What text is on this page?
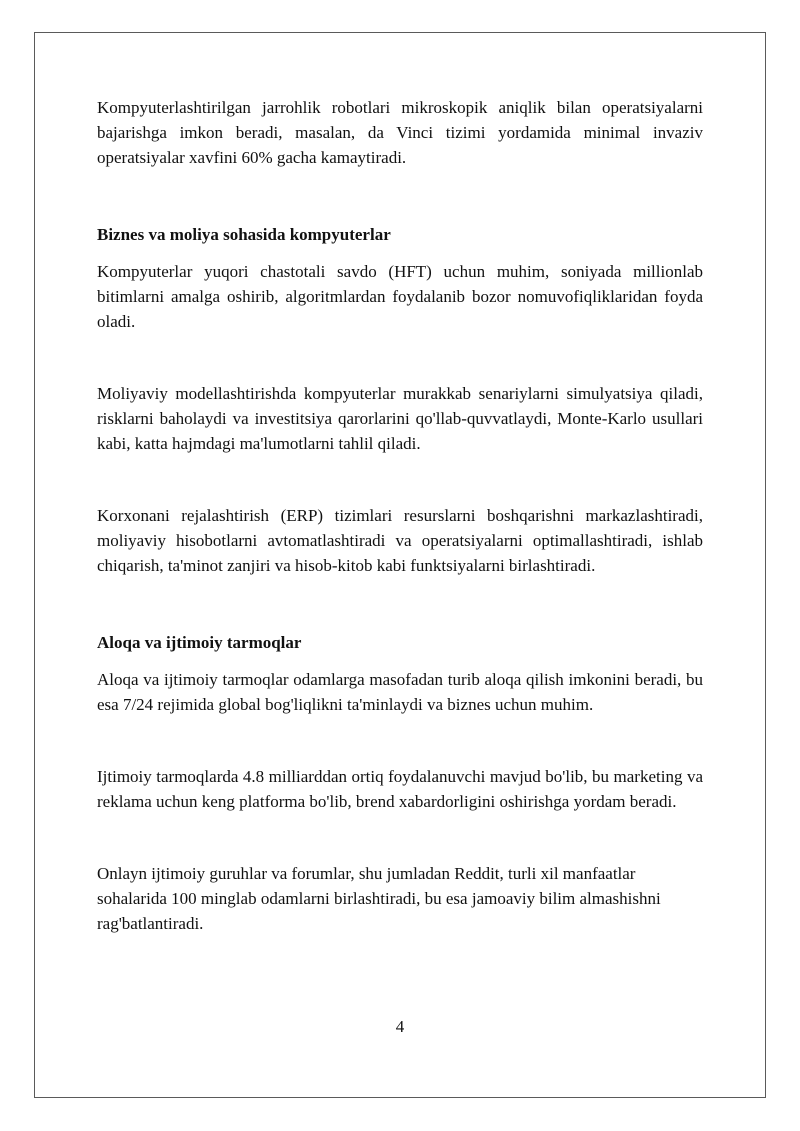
Kompyuterlashtirilgan jarrohlik robotlari mikroskopik aniqlik bilan operatsiyalarni bajarishga imkon beradi, masalan, da Vinci tizimi yordamida minimal invaziv operatsiyalar xavfini 60% gacha kamaytiradi.

Biznes va moliya sohasida kompyuterlar

Kompyuterlar yuqori chastotali savdo (HFT) uchun muhim, soniyada millionlab bitimlarni amalga oshirib, algoritmlardan foydalanib bozor nomuvofiqliklaridan foyda oladi.

Moliyaviy modellashtirishda kompyuterlar murakkab senariylarni simulyatsiya qiladi, risklarni baholaydi va investitsiya qarorlarini qo'llab-quvvatlaydi, Monte-Karlo usullari kabi, katta hajmdagi ma'lumotlarni tahlil qiladi.

Korxonani rejalashtirish (ERP) tizimlari resurslarni boshqarishni markazlashtiradi, moliyaviy hisobotlarni avtomatlashtiradi va operatsiyalarni optimallashtiradi, ishlab chiqarish, ta'minot zanjiri va hisob-kitob kabi funktsiyalarni birlashtiradi.

Aloqa va ijtimoiy tarmoqlar

Aloqa va ijtimoiy tarmoqlar odamlarga masofadan turib aloqa qilish imkonini beradi, bu esa 7/24 rejimida global bog'liqlikni ta'minlaydi va biznes uchun muhim.

Ijtimoiy tarmoqlarda 4.8 milliarddan ortiq foydalanuvchi mavjud bo'lib, bu marketing va reklama uchun keng platforma bo'lib, brend xabardorligini oshirishga yordam beradi.

Onlayn ijtimoiy guruhlar va forumlar, shu jumladan Reddit, turli xil manfaatlar sohalarida 100 minglab odamlarni birlashtiradi, bu esa jamoaviy bilim almashishni rag'batlantiradi.

4
